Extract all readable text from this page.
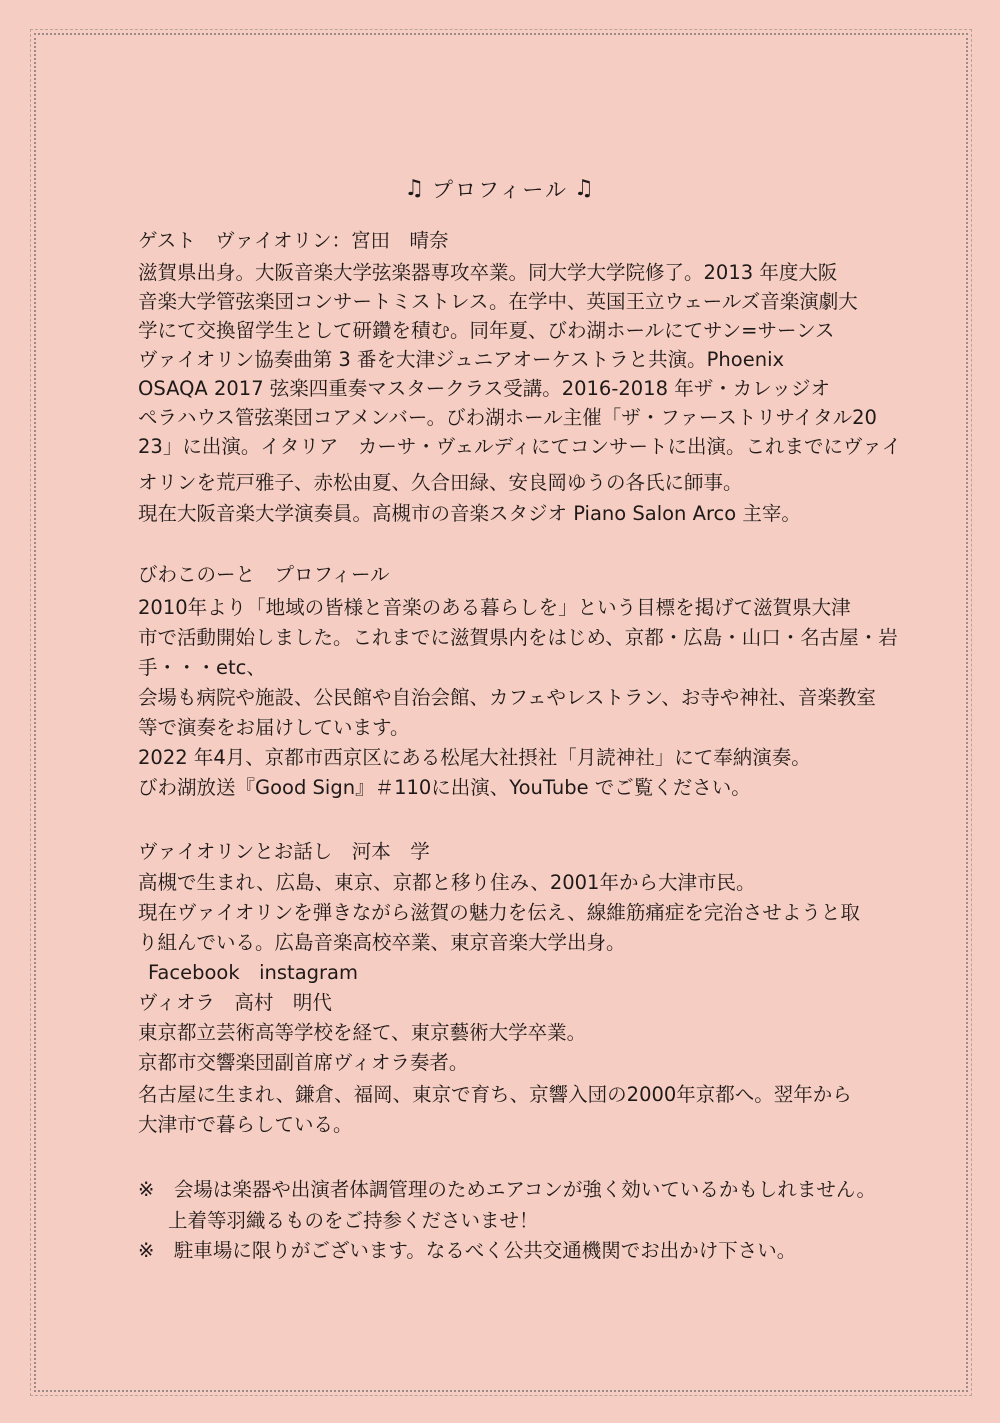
♫ プロフィール ♫
ゲスト　ヴァイオリン：宮田　晴奈
滋賀県出身。大阪音楽大学弦楽器専攻卒業。同大学大学院修了。2013 年度大阪
音楽大学管弦楽団コンサートミストレス。在学中、英国王立ウェールズ音楽演劇大
学にて交換留学生として研鑽を積む。同年夏、びわ湖ホールにてサン=サーンス
ヴァイオリン協奏曲第 3 番を大津ジュニアオーケストラと共演。Phoenix
OSAQA 2017 弦楽四重奏マスタークラス受講。2016-2018 年ザ・カレッジオ
ペラハウス管弦楽団コアメンバー。びわ湖ホール主催「ザ・ファーストリサイタル20
23」に出演。イタリア　カーサ・ヴェルディにてコンサートに出演。これまでにヴァイ
オリンを荒戸雅子、赤松由夏、久合田緑、安良岡ゆうの各氏に師事。
現在大阪音楽大学演奏員。高槻市の音楽スタジオ Piano Salon Arco 主宰。
びわこのーと　プロフィール
2010年より「地域の皆様と音楽のある暮らしを」という目標を掲げて滋賀県大津
市で活動開始しました。これまでに滋賀県内をはじめ、京都・広島・山口・名古屋・岩
手・・・etc、
会場も病院や施設、公民館や自治会館、カフェやレストラン、お寺や神社、音楽教室
等で演奏をお届けしています。
2022 年4月、京都市西京区にある松尾大社摂社「月読神社」にて奉納演奏。
びわ湖放送『Good Sign』＃110に出演、YouTube でご覧ください。
ヴァイオリンとお話し　河本　学
高槻で生まれ、広島、東京、京都と移り住み、2001年から大津市民。
現在ヴァイオリンを弾きながら滋賀の魅力を伝え、線維筋痛症を完治させようと取
り組んでいる。広島音楽高校卒業、東京音楽大学出身。
Facebook　instagram
ヴィオラ　高村　明代
東京都立芸術高等学校を経て、東京藝術大学卒業。
京都市交響楽団副首席ヴィオラ奏者。
名古屋に生まれ、鎌倉、福岡、東京で育ち、京響入団の2000年京都へ。翌年から
大津市で暮らしている。
※　会場は楽器や出演者体調管理のためエアコンが強く効いているかもしれません。
上着等羽織るものをご持参くださいませ！
※　駐車場に限りがございます。なるべく公共交通機関でお出かけ下さい。
